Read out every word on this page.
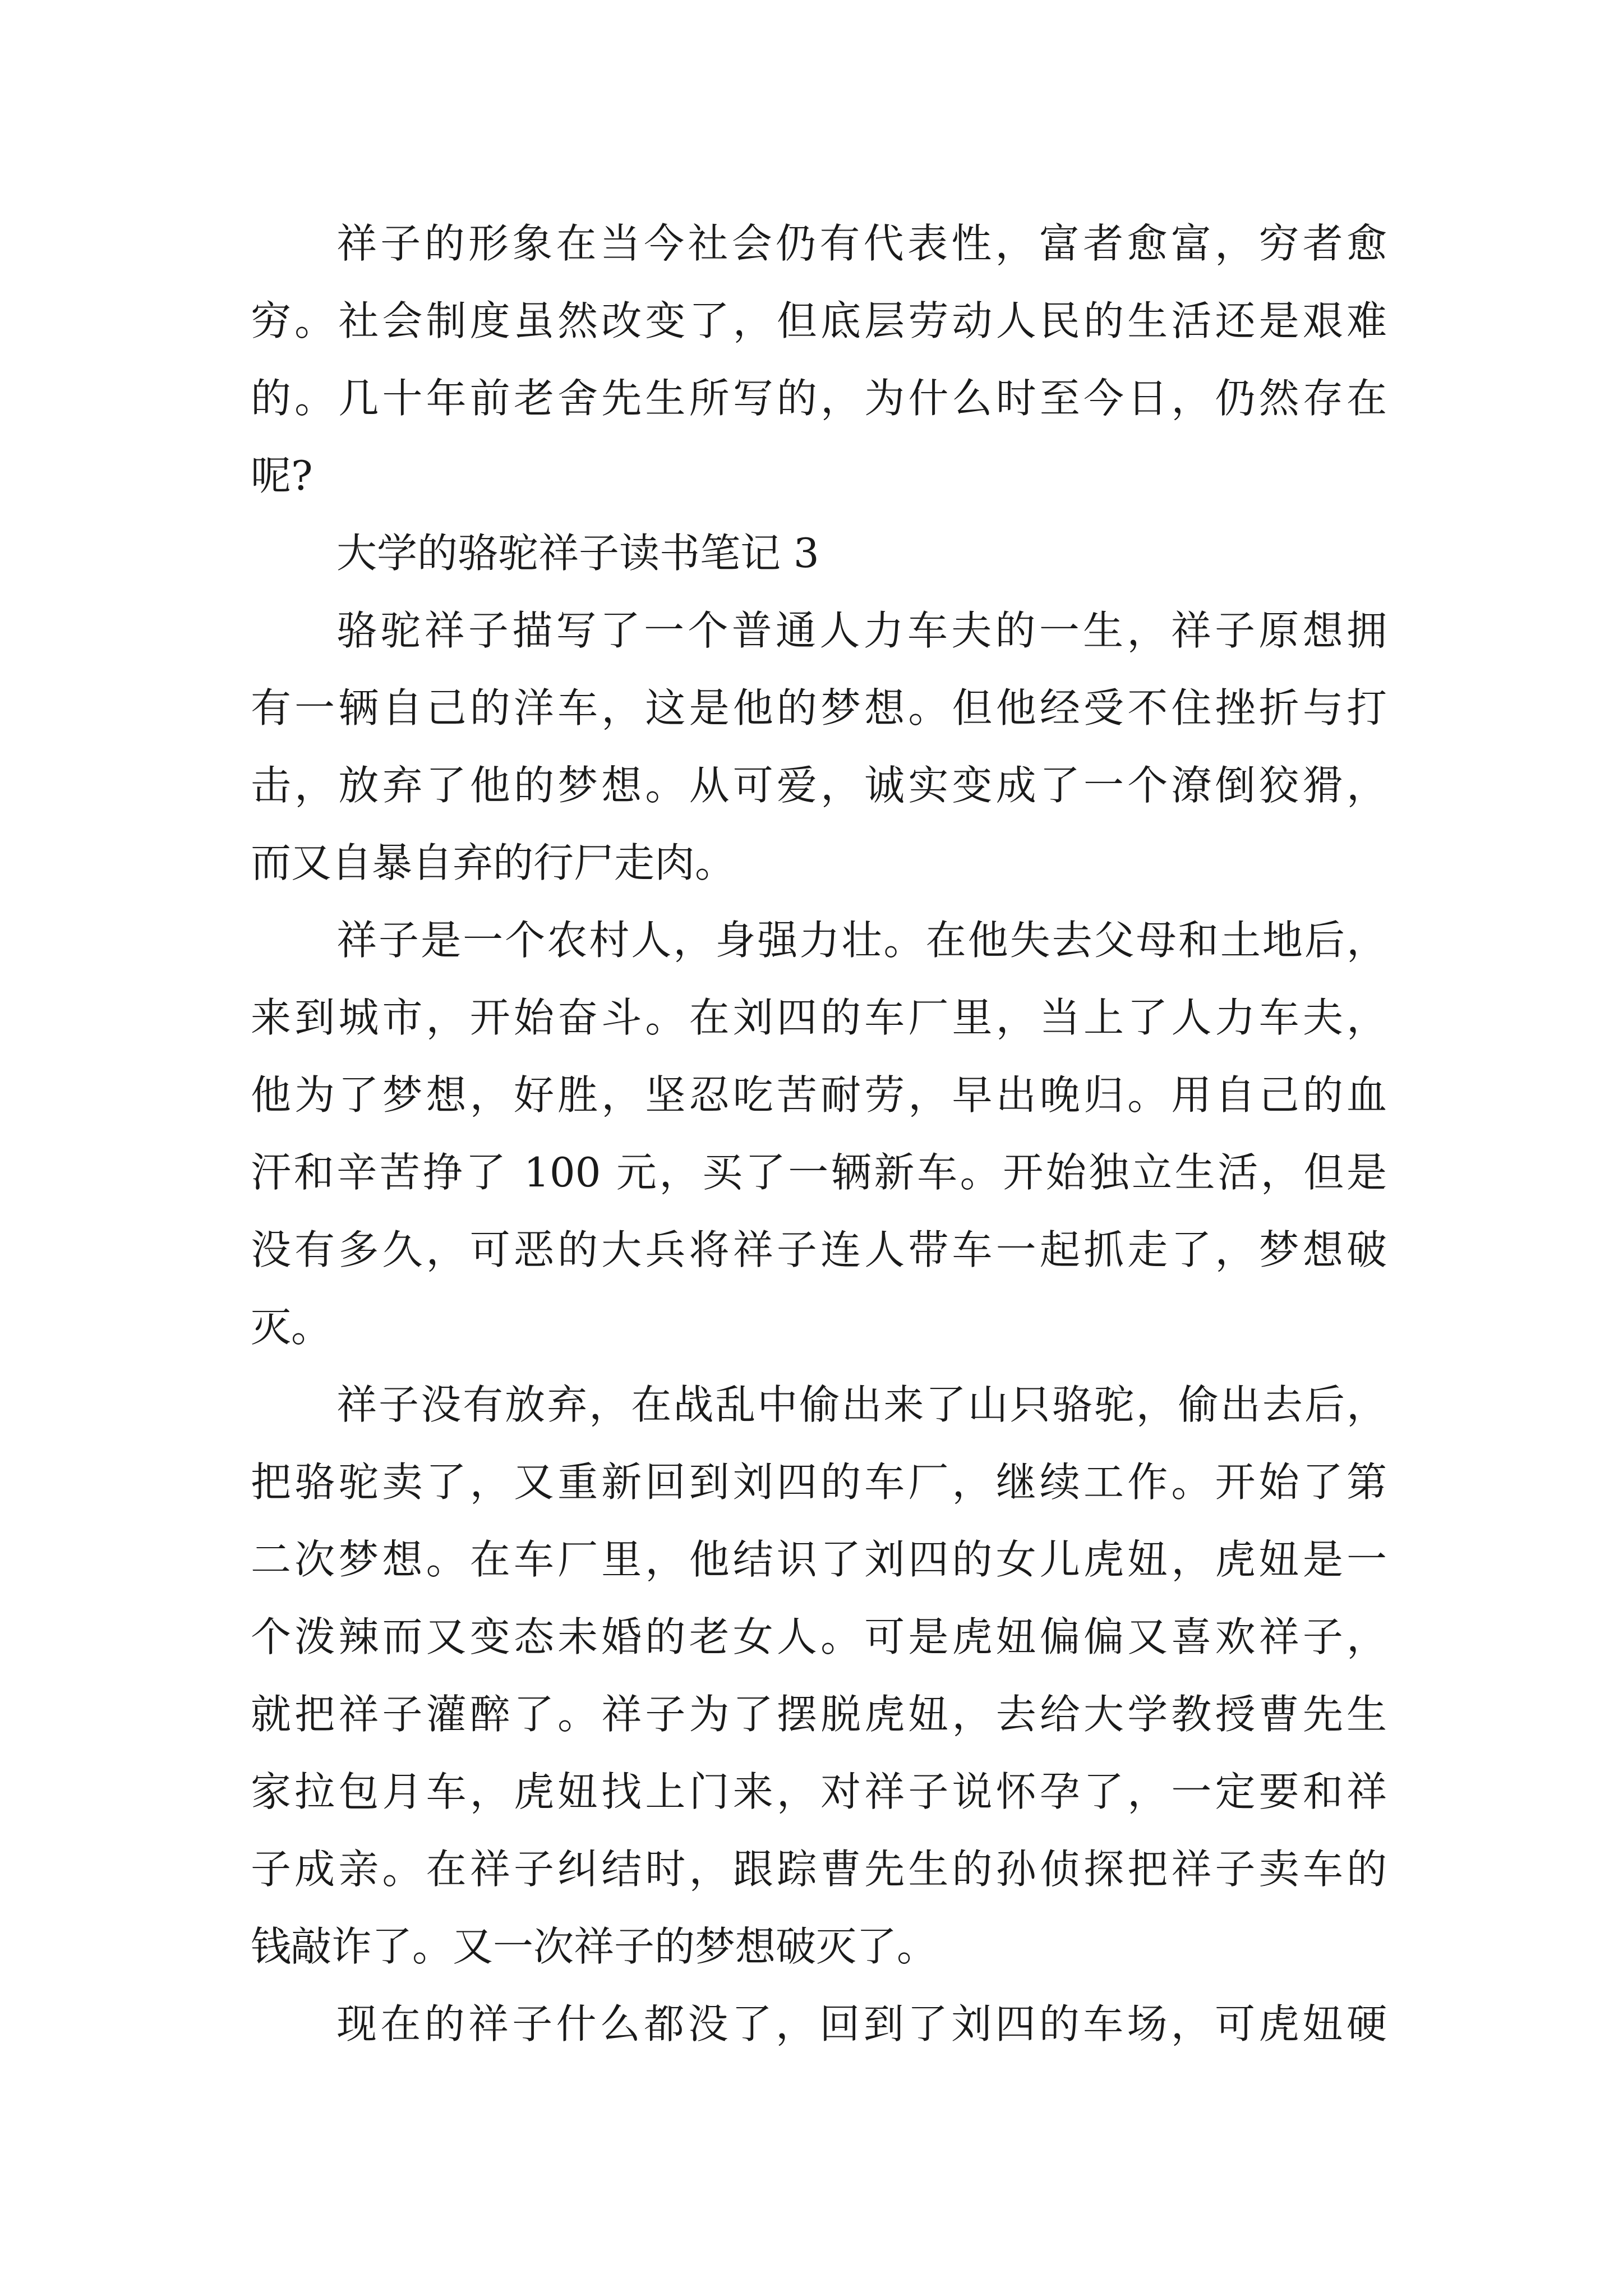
祥子的形象在当今社会仍有代表性，富者愈富，穷者愈
穷。社会制度虽然改变了，但底层劳动人民的生活还是艰难
的。几十年前老舍先生所写的，为什么时至今日，仍然存在
呢?
大学的骆驼祥子读书笔记 3
骆驼祥子描写了一个普通人力车夫的一生，祥子原想拥
有一辆自己的洋车，这是他的梦想。但他经受不住挫折与打
击，放弃了他的梦想。从可爱，诚实变成了一个潦倒狡猾，
而又自暴自弃的行尸走肉。
祥子是一个农村人，身强力壮。在他失去父母和土地后，
来到城市，开始奋斗。在刘四的车厂里，当上了人力车夫，
他为了梦想，好胜，坚忍吃苦耐劳，早出晚归。用自己的血
汗和辛苦挣了 100 元，买了一辆新车。开始独立生活，但是
没有多久，可恶的大兵将祥子连人带车一起抓走了，梦想破
灭。
祥子没有放弃，在战乱中偷出来了山只骆驼，偷出去后，
把骆驼卖了，又重新回到刘四的车厂，继续工作。开始了第
二次梦想。在车厂里，他结识了刘四的女儿虎妞，虎妞是一
个泼辣而又变态未婚的老女人。可是虎妞偏偏又喜欢祥子，
就把祥子灌醉了。祥子为了摆脱虎妞，去给大学教授曹先生
家拉包月车，虎妞找上门来，对祥子说怀孕了，一定要和祥
子成亲。在祥子纠结时，跟踪曹先生的孙侦探把祥子卖车的
钱敲诈了。又一次祥子的梦想破灭了。
现在的祥子什么都没了，回到了刘四的车场，可虎妞硬
